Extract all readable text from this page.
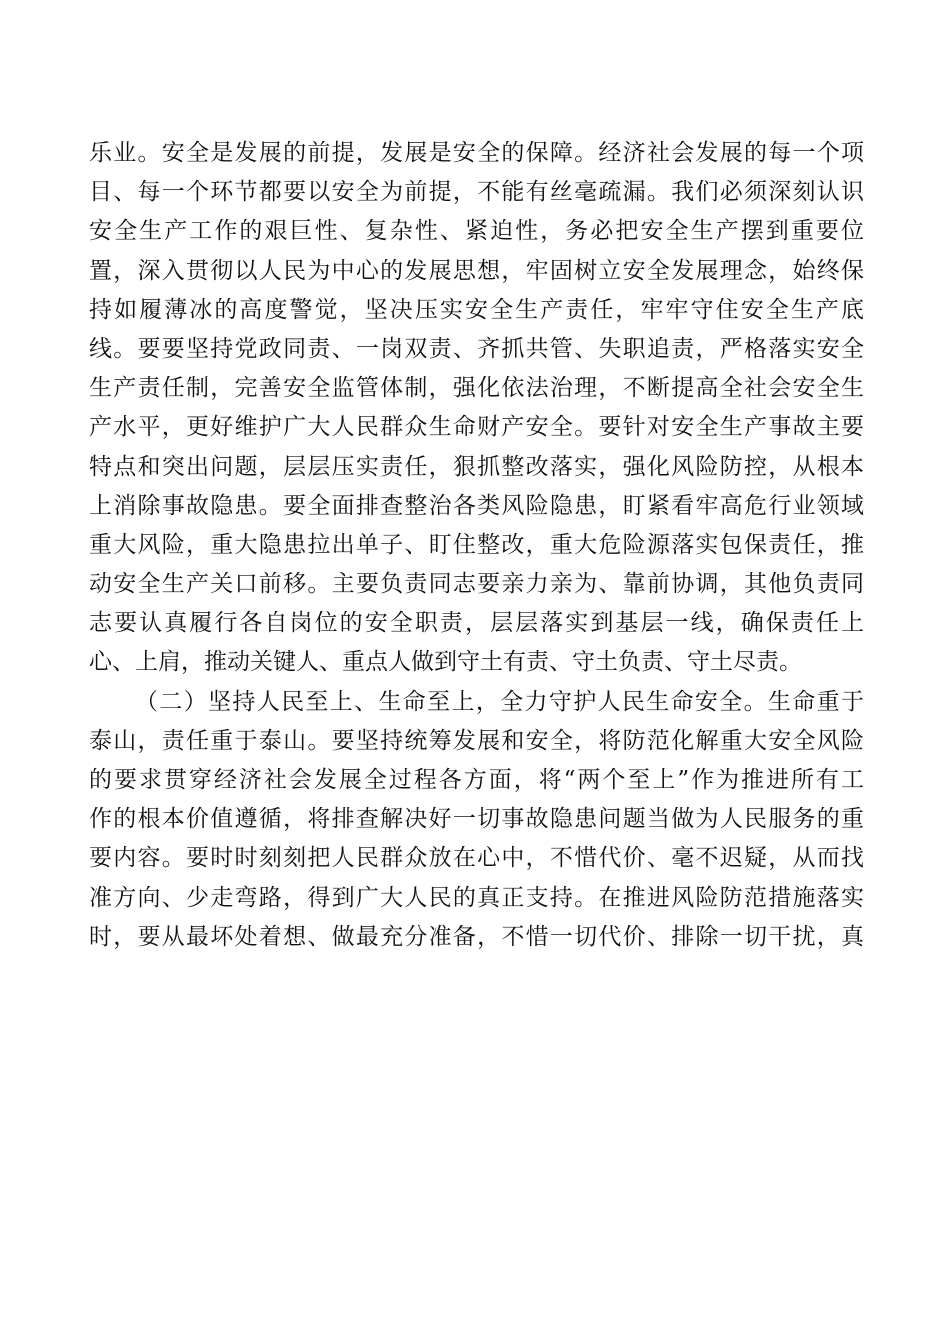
乐业。安全是发展的前提，发展是安全的保障。经济社会发展的每一个项
目、每一个环节都要以安全为前提，不能有丝毫疏漏。我们必须深刻认识
安全生产工作的艰巨性、复杂性、紧迫性，务必把安全生产摆到重要位
置，深入贯彻以人民为中心的发展思想，牢固树立安全发展理念，始终保
持如履薄冰的高度警觉，坚决压实安全生产责任，牢牢守住安全生产底
线。要要坚持党政同责、一岗双责、齐抓共管、失职追责，严格落实安全
生产责任制，完善安全监管体制，强化依法治理，不断提高全社会安全生
产水平，更好维护广大人民群众生命财产安全。要针对安全生产事故主要
特点和突出问题，层层压实责任，狠抓整改落实，强化风险防控，从根本
上消除事故隐患。要全面排查整治各类风险隐患，盯紧看牢高危行业领域
重大风险，重大隐患拉出单子、盯住整改，重大危险源落实包保责任，推
动安全生产关口前移。主要负责同志要亲力亲为、靠前协调，其他负责同
志要认真履行各自岗位的安全职责，层层落实到基层一线，确保责任上
心、上肩，推动关键人、重点人做到守土有责、守土负责、守土尽责。
（二）坚持人民至上、生命至上，全力守护人民生命安全。生命重于
泰山，责任重于泰山。要坚持统筹发展和安全，将防范化解重大安全风险
的要求贯穿经济社会发展全过程各方面，将“两个至上”作为推进所有工
作的根本价值遵循，将排查解决好一切事故隐患问题当做为人民服务的重
要内容。要时时刻刻把人民群众放在心中，不惜代价、毫不迟疑，从而找
准方向、少走弯路，得到广大人民的真正支持。在推进风险防范措施落实
时，要从最坏处着想、做最充分准备，不惜一切代价、排除一切干扰，真
